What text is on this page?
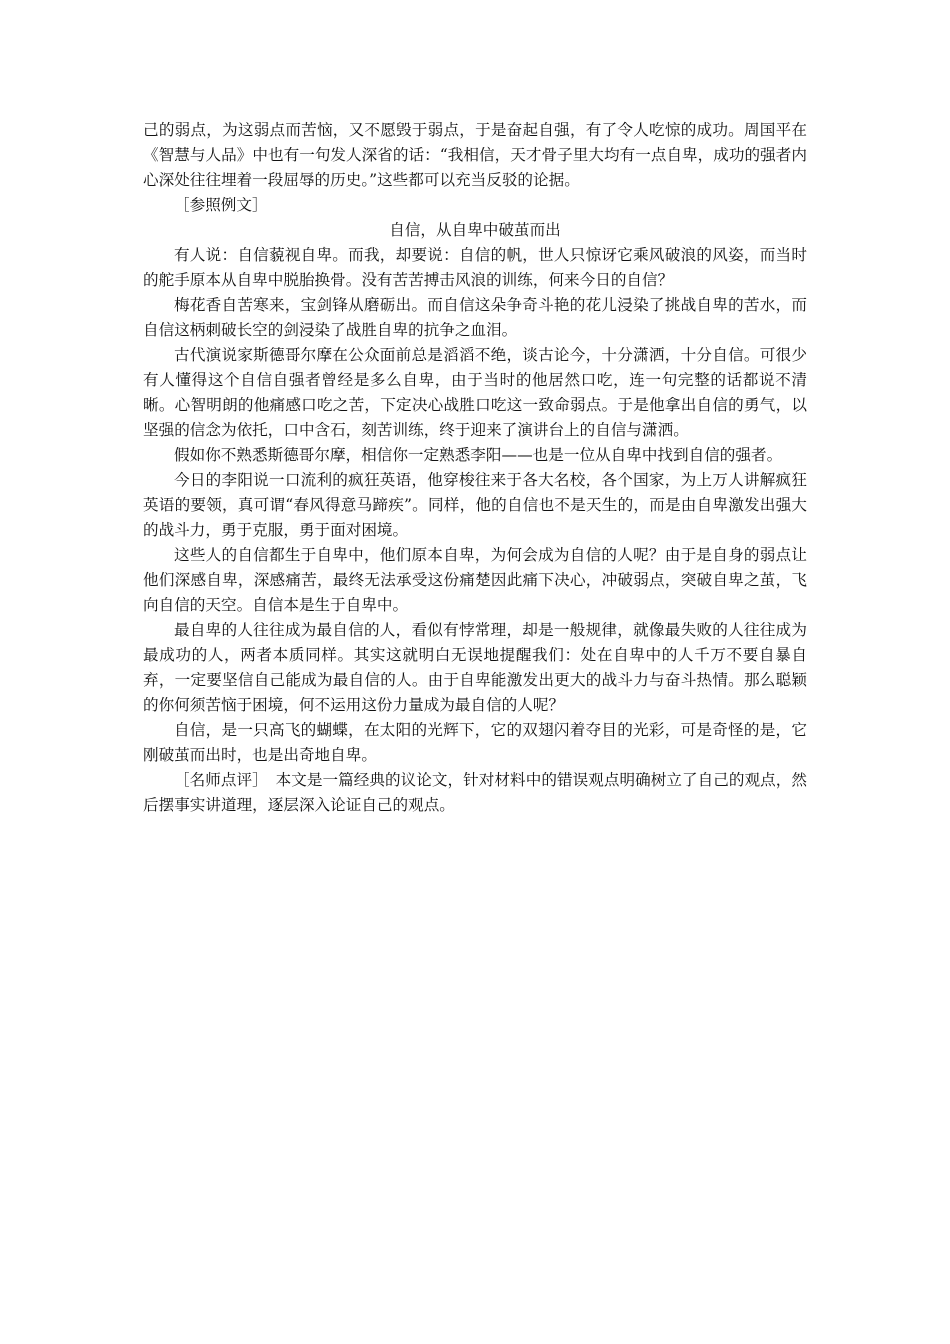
己的弱点，为这弱点而苦恼，又不愿毁于弱点，于是奋起自强，有了令人吃惊的成功。周国平在《智慧与人品》中也有一句发人深省的话：“我相信，天才骨子里大均有一点自卑，成功的强者内心深处往往埋着一段屈辱的历史。”这些都可以充当反驳的论据。

［参照例文］

自信，从自卑中破茧而出

有人说：自信藐视自卑。而我，却要说：自信的帆，世人只惊讶它乘风破浪的风姿，而当时的舵手原本从自卑中脱胎换骨。没有苦苦搏击风浪的训练，何来今日的自信？

梅花香自苦寒来，宝剑锋从磨砺出。而自信这朵争奇斗艳的花儿浸染了挑战自卑的苦水，而自信这柄刺破长空的剑浸染了战胜自卑的抗争之血泪。

古代演说家斯德哥尔摩在公众面前总是滔滔不绝，谈古论今，十分潇洒，十分自信。可很少有人懂得这个自信自强者曾经是多么自卑，由于当时的他居然口吃，连一句完整的话都说不清晰。心智明朗的他痛感口吃之苦，下定决心战胜口吃这一致命弱点。于是他拿出自信的勇气，以坚强的信念为依托，口中含石，刻苦训练，终于迎来了演讲台上的自信与潇洒。

假如你不熟悉斯德哥尔摩，相信你一定熟悉李阳——也是一位从自卑中找到自信的强者。

今日的李阳说一口流利的疯狂英语，他穿梭往来于各大名校，各个国家，为上万人讲解疯狂英语的要领，真可谓“春风得意马蹄疾”。同样，他的自信也不是天生的，而是由自卑激发出强大的战斗力，勇于克服，勇于面对困境。

这些人的自信都生于自卑中，他们原本自卑，为何会成为自信的人呢？由于是自身的弱点让他们深感自卑，深感痛苦，最终无法承受这份痛楚因此痛下决心，冲破弱点，突破自卑之茧，飞向自信的天空。自信本是生于自卑中。

最自卑的人往往成为最自信的人，看似有悖常理，却是一般规律，就像最失败的人往往成为最成功的人，两者本质同样。其实这就明白无误地提醒我们：处在自卑中的人千万不要自暴自弃，一定要坚信自己能成为最自信的人。由于自卑能激发出更大的战斗力与奋斗热情。那么聪颖的你何须苦恼于困境，何不运用这份力量成为最自信的人呢？

自信，是一只高飞的蝴蝶，在太阳的光辉下，它的双翅闪着夺目的光彩，可是奇怪的是，它刚破茧而出时，也是出奇地自卑。

［名师点评］　本文是一篇经典的议论文，针对材料中的错误观点明确树立了自己的观点，然后摆事实讲道理，逐层深入论证自己的观点。
